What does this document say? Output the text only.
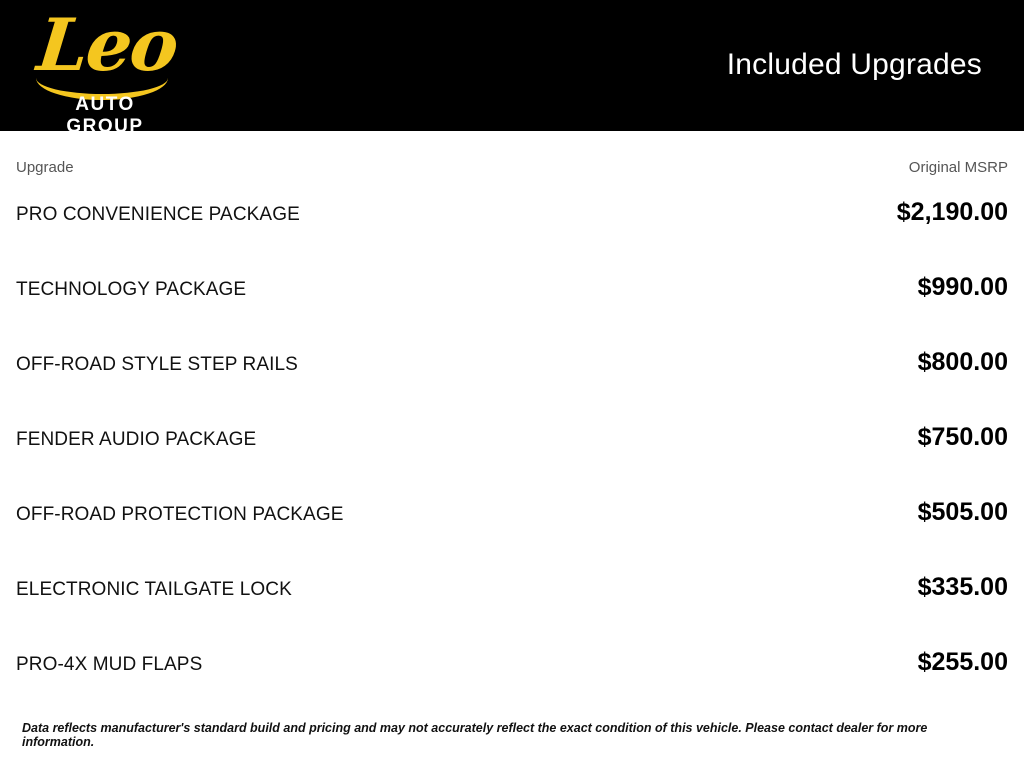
Leo
AUTO GROUP
Included Upgrades
Upgrade	Original MSRP
PRO CONVENIENCE PACKAGE	$2,190.00
TECHNOLOGY PACKAGE	$990.00
OFF-ROAD STYLE STEP RAILS	$800.00
FENDER AUDIO PACKAGE	$750.00
OFF-ROAD PROTECTION PACKAGE	$505.00
ELECTRONIC TAILGATE LOCK	$335.00
PRO-4X MUD FLAPS	$255.00
Data reflects manufacturer's standard build and pricing and may not accurately reflect the exact condition of this vehicle. Please contact dealer for more information.
